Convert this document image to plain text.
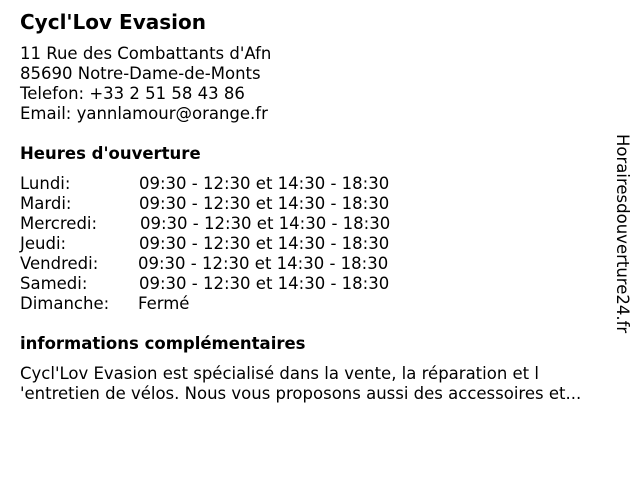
Cycl'Lov Evasion
11 Rue des Combattants d'Afn
85690 Notre-Dame-de-Monts
Telefon: +33 2 51 58 43 86
Email: yannlamour@orange.fr
Heures d'ouverture
Lundi:	09:30 - 12:30 et 14:30 - 18:30
Mardi:	09:30 - 12:30 et 14:30 - 18:30
Mercredi:	09:30 - 12:30 et 14:30 - 18:30
Jeudi:	09:30 - 12:30 et 14:30 - 18:30
Vendredi: 09:30 - 12:30 et 14:30 - 18:30
Samedi:	09:30 - 12:30 et 14:30 - 18:30
Dimanche: Fermé
informations complémentaires
Cycl'Lov Evasion est spécialisé dans la vente, la réparation et l
'entretien de vélos. Nous vous proposons aussi des accessoires et...
Horairesdouverture24.fr
